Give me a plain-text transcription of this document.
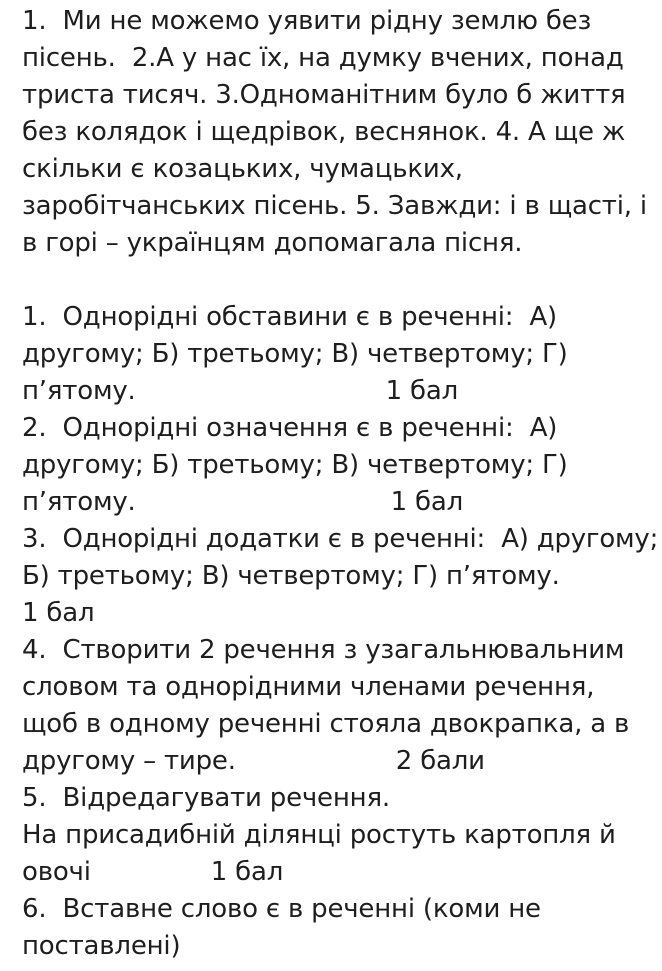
1.  Ми не можемо уявити рідну землю без
пісень.  2.А у нас їх, на думку вчених, понад
триста тисяч. 3.Одноманітним було б життя
без колядок і щедрівок, веснянок. 4. А ще ж
скільки є козацьких, чумацьких,
заробітчанських пісень. 5. Завжди: і в щасті, і
в горі – українцям допомагала пісня.
1.  Однорідні обставини є в реченні:  А)
другому; Б) третьому; В) четвертому; Г)
п’ятому.	1 бал
2.  Однорідні означення є в реченні:  А)
другому; Б) третьому; В) четвертому; Г)
п’ятому.	1 бал
3.  Однорідні додатки є в реченні:  А) другому;
Б) третьому; В) четвертому; Г) п’ятому.
1 бал
4.  Створити 2 речення з узагальнювальним
словом та однорідними членами речення,
щоб в одному реченні стояла двокрапка, а в
другому – тире.	2 бали
5.  Відредагувати речення.
На присадибній ділянці ростуть картопля й
овочі	1 бал
6.  Вставне слово є в реченні (коми не
поставлені)
